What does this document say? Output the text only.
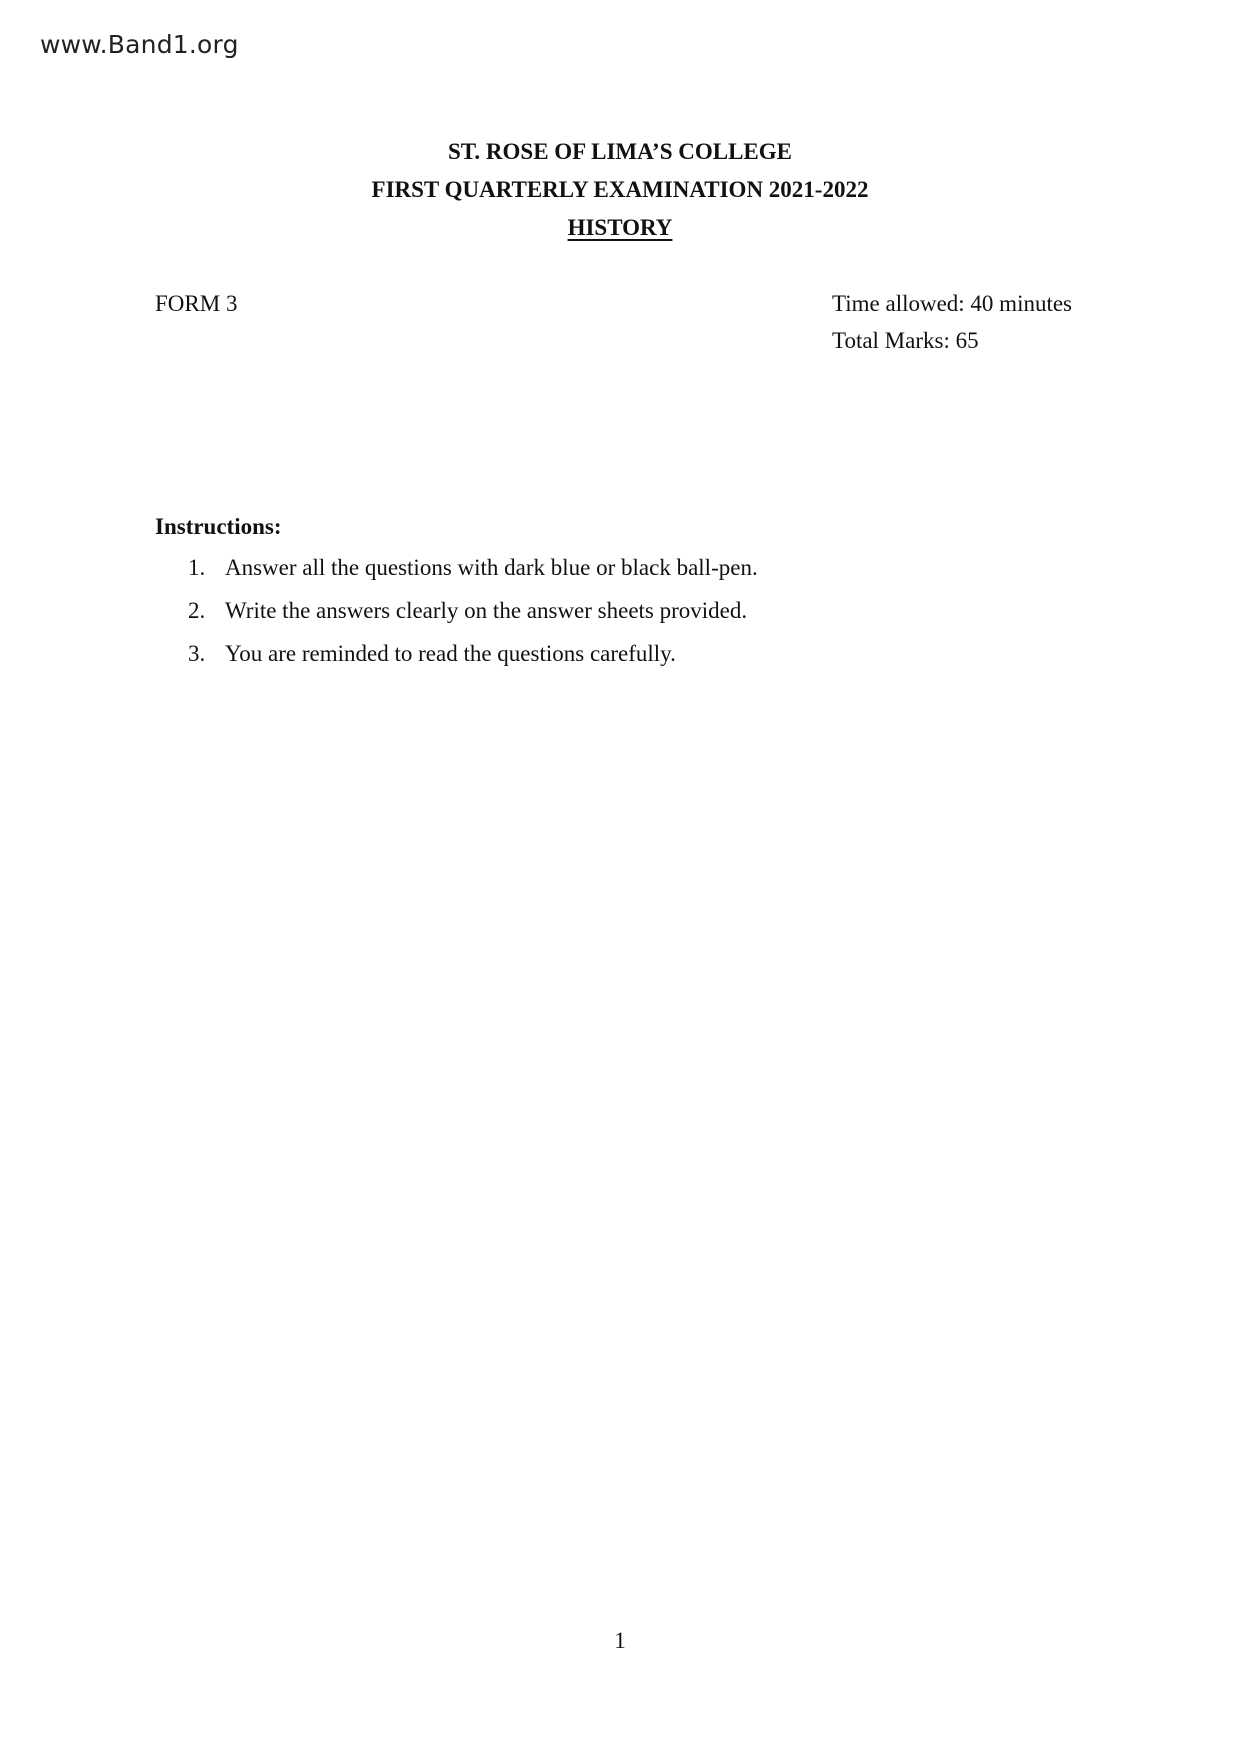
www.Band1.org
ST. ROSE OF LIMA’S COLLEGE
FIRST QUARTERLY EXAMINATION 2021-2022
HISTORY
FORM 3	Time allowed: 40 minutes
Total Marks: 65
Instructions:
1. Answer all the questions with dark blue or black ball-pen.
2. Write the answers clearly on the answer sheets provided.
3. You are reminded to read the questions carefully.
1
